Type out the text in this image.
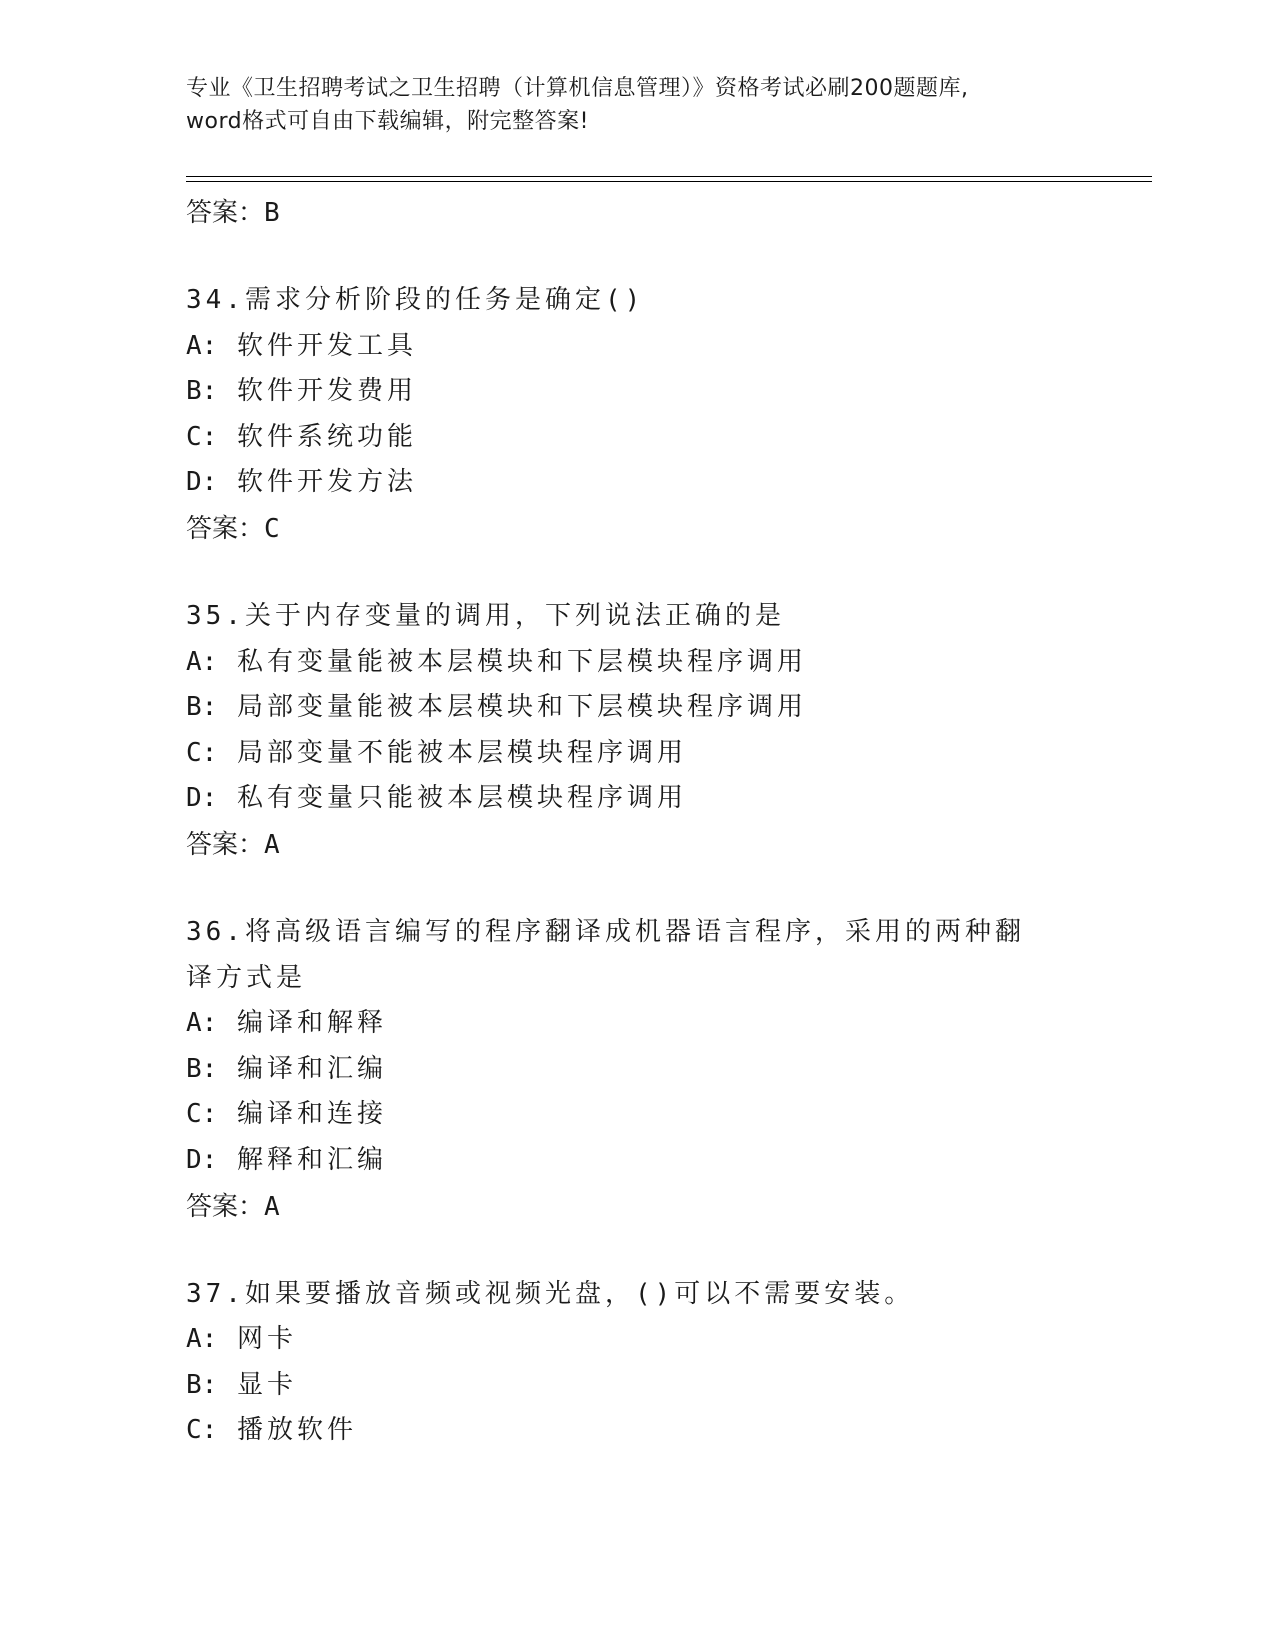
专业《卫生招聘考试之卫生招聘（计算机信息管理）》资格考试必刷200题题库,
word格式可自由下载编辑，附完整答案!
答案：B
34.需求分析阶段的任务是确定()
A: 软件开发工具
B: 软件开发费用
C: 软件系统功能
D: 软件开发方法
答案：C
35.关于内存变量的调用，下列说法正确的是
A: 私有变量能被本层模块和下层模块程序调用
B: 局部变量能被本层模块和下层模块程序调用
C: 局部变量不能被本层模块程序调用
D: 私有变量只能被本层模块程序调用
答案：A
36.将高级语言编写的程序翻译成机器语言程序，采用的两种翻译方式是
A: 编译和解释
B: 编译和汇编
C: 编译和连接
D: 解释和汇编
答案：A
37.如果要播放音频或视频光盘，()可以不需要安装。
A: 网卡
B: 显卡
C: 播放软件
